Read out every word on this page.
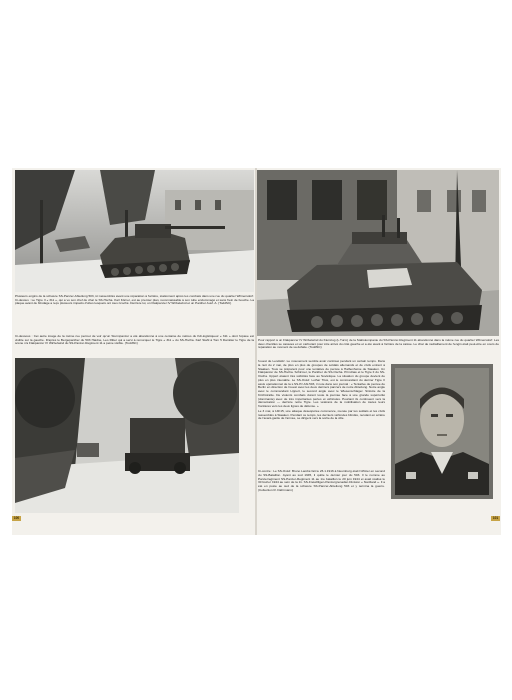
Plusieurs engins de la schwere SS-Panzer-Abteilung 503, ici rassemblés avant une réparation à l'arrière, stationnent après les combats dans une rue du quartier Wilmersdorf. Ci-dessus : Le Tigre II « 311 », qui a vu son chef de char le SS-Hscha. Karl Körner, est au premier plan, reconnaissable à son tube endommagé et sans frein de bouche. La plaque avant de blindage a reçu plusieurs impacts d'obus lesquels ont tous ricoché. Derrière lui, un Flakpanzer IV Wirbelwind et un Panther Ausf. A. (ToddSC)
Ci-dessous : Cet autre image de la même rue permet de voir qu'un Sturmpanzer a été abandonné à une centaine de mètres du Kdi-logistiqueur « 311 » dont l'épave est visible sur la gauche. D'après le Bergepanther du 503 Haidne, Leo Ritter qui a servi à remorquer le Tigre « 311 » du SS-Hscha. Karl Stahl à Tom 5 Damitier le Tigre de la scène n'a Flakpanzer IV Wirbelwind du SS-Panzer-Regiment 11 a peine visible. (ToddSC)
100
Pour rapport à un Flakpanzer IV Wirbelwind du Kleinzug (L.Turm) de la Stabskompanie du SS-Panzer-Regiment 11 abandonné dans la même rue du quartier Wilmersdorf. Les deux chenilles se cassées et un carburant pour être arrivé du côté gauche et a été avant à l'arrière de la caisse. Le char de ravitaillement de l'engin était peut-être en cours de réparation au moment de sa défaite. (ToddSC)

l'ouest de Lendwitz. Le mouvement semble avoir continué pendant un certain temps. Dans la nuit du 2 mai, de plus en plus de groupes de soldats allemands et de civils entrent à Staaken. Tous se préparent pour une tentative de percée à Halbenheine de Staaken. Un Flakpanzer de SS-Hscha. Schirmer, le Panther du SS-Oscha. Pirmzlaw et le Tigre II du SS-Oscha. Uppert étaient très sollicités face au Soviétique. La situation du groupe devient de plus en plus intenable. Le SS-Ostuf. Lothar Titus, est le commandant du dernier Tigre II assis opérationnel de la s.SS-Pz.Abt.503, il note dans son journal : « Tentative de percée de Berlin en direction de l'ouest avec les deux derniers panzers de notre Abteilung. Notre angle avec le commandant Lippert, le second angle avec le Wiesenschlager. Sinistre de la Kirchstraße. De violents combats durent toute la journée face à une grande supériorité (dominante) avec de très importantes pertes et véhicules. Pourtant ils continuent vers la démarcation — derrière notre Tigre. Les vétérans de la mobilisation de toutes leurs frontières vers les deux lignes de défense. »

Le 3 mai, à 14h15, une attaque désespérée commence, menée par les soldats et les civils rassemblés à Staaken. Pendant ce temps, les derniers véhicules blindés, reculant en arrière de l'avant-garde de l'armée, se dirigent vers la sortie de la ville.

Ci-contre : Le SS-Ostuf. Bruno Lambé fait le 26.1.1916 à Neumburg était l'officier en second du SS-Bataillon. Ayant au sud 1945, il quitte le dernier jour du 503. Il le nomme au Panzerregiment SS-Panzer-Regiment 11 au 1re bataillon le 20 juin 1944 et avait réalisé le 30 février 1944 au sein de la 11. SS-Freiwilligen-Panzergrenadier-Division « Nordland ». Il a été en poste au sud de la schwere SS-Panzer-Abteilung 503 et y termina la guerre. (Collection R. Dahrmann)
101
